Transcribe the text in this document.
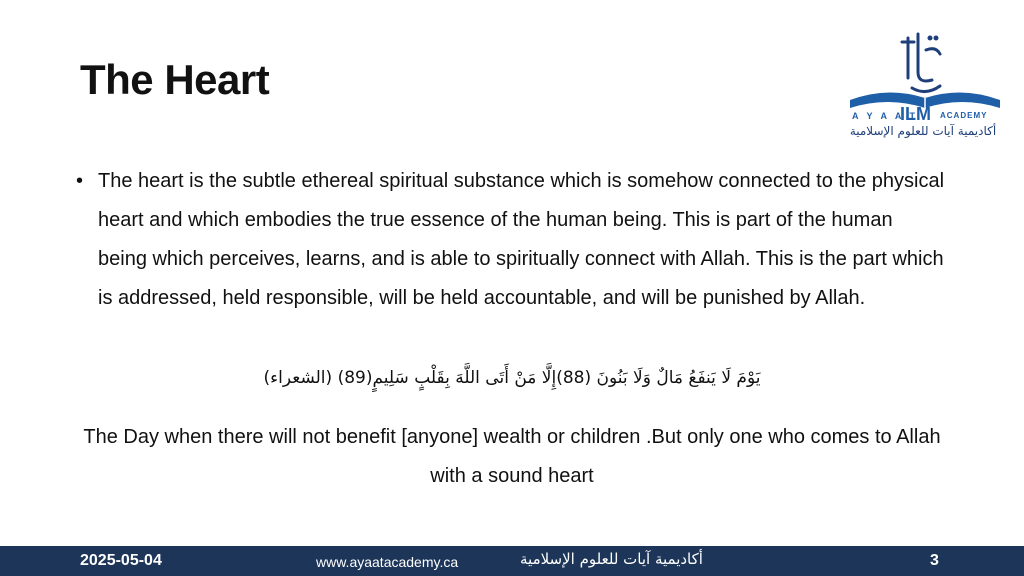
The Heart
A Y A A T
ILM ACADEMY
أكاديمية آيات للعلوم الإسلامية
• The heart is the subtle ethereal spiritual substance which is somehow connected to the physical heart and which embodies the true essence of the human being. This is part of the human being which perceives, learns, and is able to spiritually connect with Allah. This is the part which is addressed, held responsible, will be held accountable, and will be punished by Allah.

يَوْمَ لَا يَنفَعُ مَالٌ وَلَا بَنُونَ (88)إِلَّا مَنْ أَتَى اللَّهَ بِقَلْبٍ سَلِيمٍ(89) (الشعراء)

The Day when there will not benefit [anyone] wealth or children .But only one who comes to Allah with a sound heart

2025-05-04	www.ayaatacademy.ca	أكاديمية آيات للعلوم الإسلامية	3
